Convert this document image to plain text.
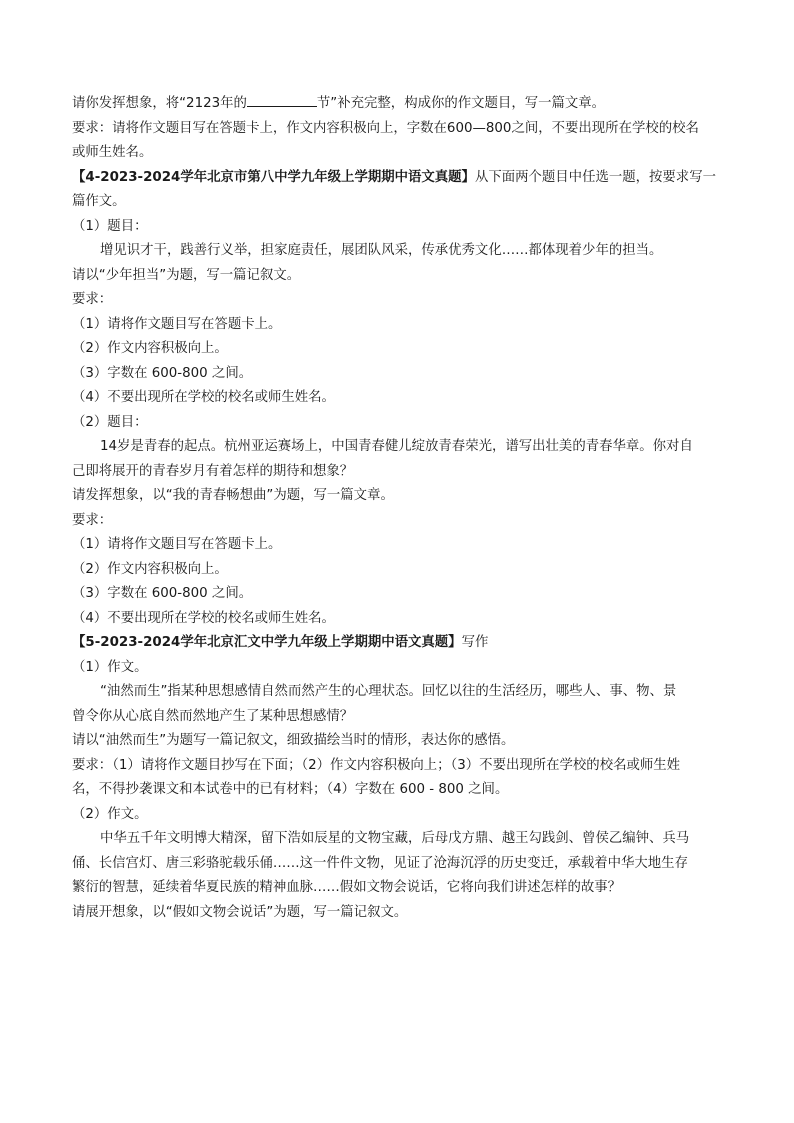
请你发挥想象，将“2123年的	节”补充完整，构成你的作文题目，写一篇文章。

要求：请将作文题目写在答题卡上，作文内容积极向上，字数在600—800之间，不要出现所在学校的校名

或师生姓名。

【4-2023-2024学年北京市第八中学九年级上学期期中语文真题】从下面两个题目中任选一题，按要求写一

篇作文。

（1）题目：

增见识才干，践善行义举，担家庭责任，展团队风采，传承优秀文化……都体现着少年的担当。

请以“少年担当”为题，写一篇记叙文。

要求：

（1）请将作文题目写在答题卡上。

（2）作文内容积极向上。

（3）字数在 600-800 之间。

（4）不要出现所在学校的校名或师生姓名。

（2）题目：

14岁是青春的起点。杭州亚运赛场上，中国青春健儿绽放青春荣光，谱写出壮美的青春华章。你对自

己即将展开的青春岁月有着怎样的期待和想象？

请发挥想象，以“我的青春畅想曲”为题，写一篇文章。

要求：

（1）请将作文题目写在答题卡上。

（2）作文内容积极向上。

（3）字数在 600-800 之间。

（4）不要出现所在学校的校名或师生姓名。

【5-2023-2024学年北京汇文中学九年级上学期期中语文真题】写作

（1）作文。

“油然而生”指某种思想感情自然而然产生的心理状态。回忆以往的生活经历，哪些人、事、物、景

曾令你从心底自然而然地产生了某种思想感情？

请以“油然而生”为题写一篇记叙文，细致描绘当时的情形，表达你的感悟。

要求：（1）请将作文题目抄写在下面；（2）作文内容积极向上；（3）不要出现所在学校的校名或师生姓

名，不得抄袭课文和本试卷中的已有材料；（4）字数在 600 - 800 之间。

（2）作文。

中华五千年文明博大精深，留下浩如辰星的文物宝藏，后母戊方鼎、越王勾践剑、曾侯乙编钟、兵马

俑、长信宫灯、唐三彩骆驼载乐俑……这一件件文物，见证了沧海沉浮的历史变迁，承载着中华大地生存

繁衍的智慧，延续着华夏民族的精神血脉……假如文物会说话，它将向我们讲述怎样的故事？

请展开想象，以“假如文物会说话”为题，写一篇记叙文。
